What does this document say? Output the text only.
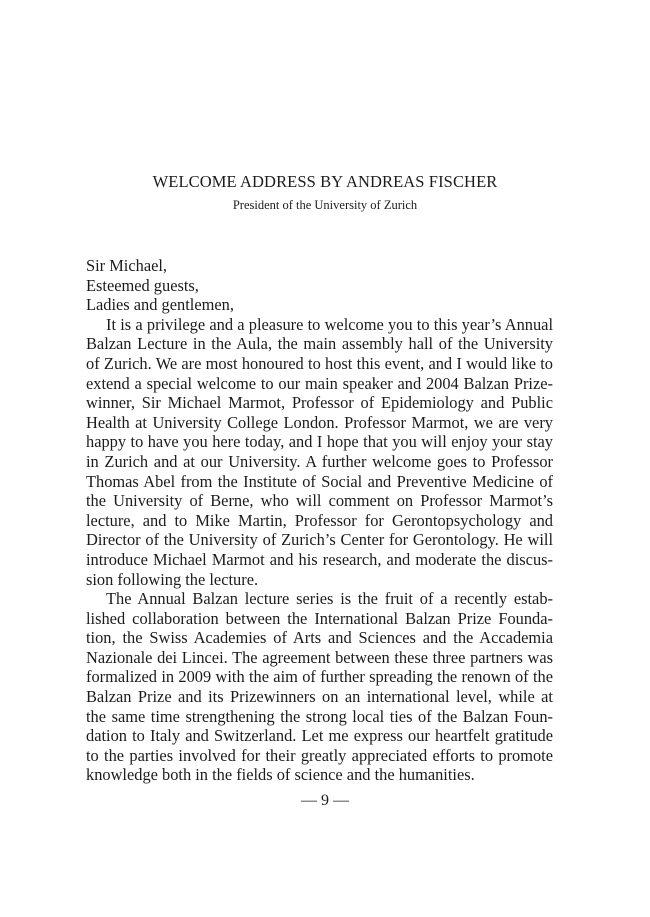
WELCOME ADDRESS BY ANDREAS FISCHER
President of the University of Zurich

Sir Michael,

Esteemed guests,

Ladies and gentlemen,

It is a privilege and a pleasure to welcome you to this year’s Annual Balzan Lecture in the Aula, the main assembly hall of the University of Zurich. We are most honoured to host this event, and I would like to extend a special welcome to our main speaker and 2004 Balzan Prizewinner, Sir Michael Marmot, Professor of Epidemiology and Public Health at University College London. Professor Marmot, we are very happy to have you here today, and I hope that you will enjoy your stay in Zurich and at our University. A further welcome goes to Professor Thomas Abel from the Institute of Social and Preventive Medicine of the University of Berne, who will comment on Professor Marmot’s lecture, and to Mike Martin, Professor for Gerontopsychology and Director of the University of Zurich’s Center for Gerontology. He will introduce Michael Marmot and his research, and moderate the discussion following the lecture.

The Annual Balzan lecture series is the fruit of a recently established collaboration between the International Balzan Prize Foundation, the Swiss Academies of Arts and Sciences and the Accademia Nazionale dei Lincei. The agreement between these three partners was formalized in 2009 with the aim of further spreading the renown of the Balzan Prize and its Prizewinners on an international level, while at the same time strengthening the strong local ties of the Balzan Foundation to Italy and Switzerland. Let me express our heartfelt gratitude to the parties involved for their greatly appreciated efforts to promote knowledge both in the fields of science and the humanities.

— 9 —
